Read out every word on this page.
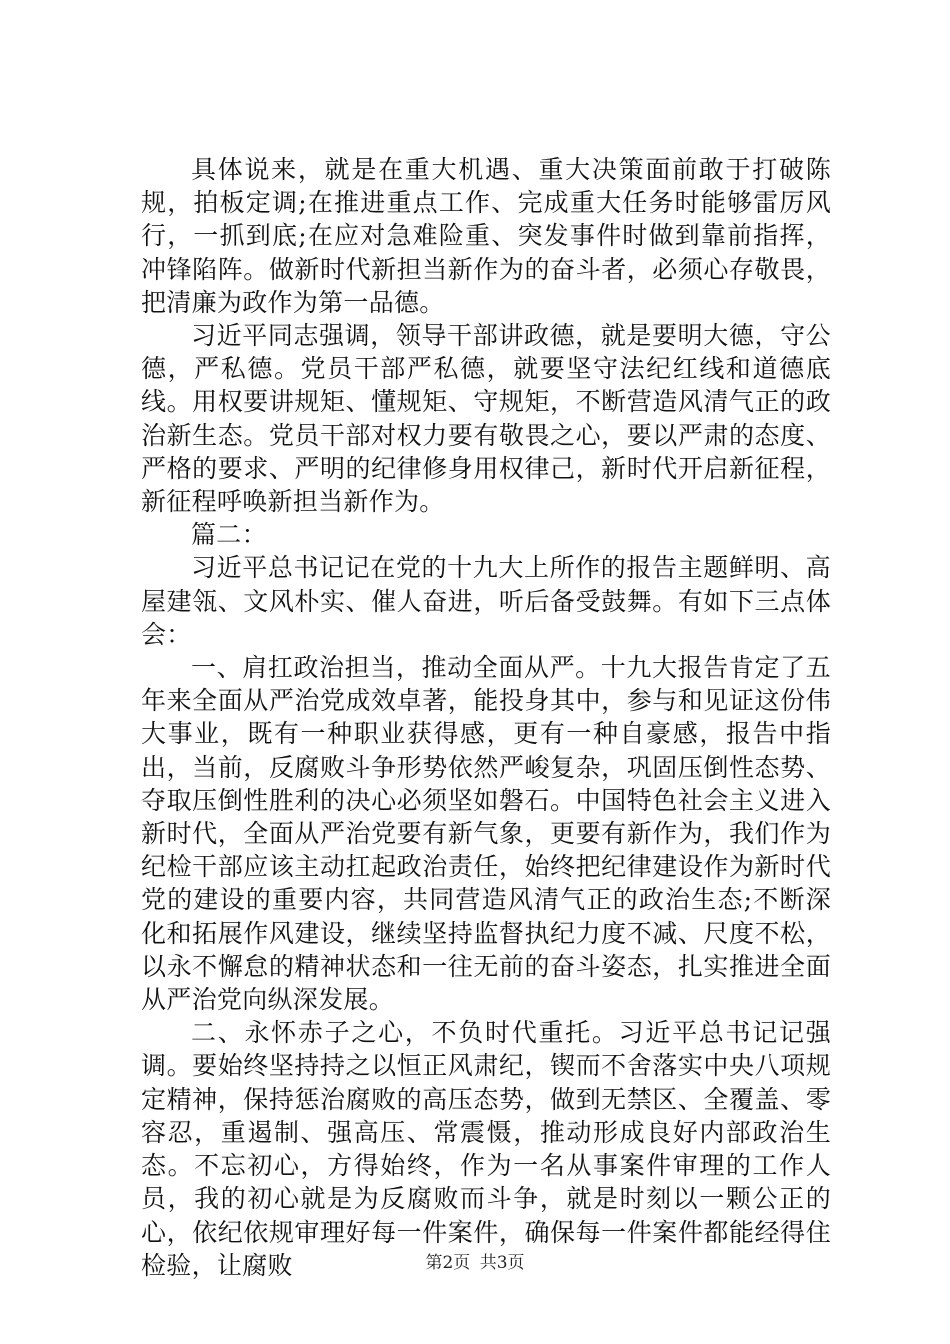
具体说来，就是在重大机遇、重大决策面前敢于打破陈规，拍板定调;在推进重点工作、完成重大任务时能够雷厉风行，一抓到底;在应对急难险重、突发事件时做到靠前指挥，冲锋陷阵。做新时代新担当新作为的奋斗者，必须心存敬畏，把清廉为政作为第一品德。

习近平同志强调，领导干部讲政德，就是要明大德，守公德，严私德。党员干部严私德，就要坚守法纪红线和道德底线。用权要讲规矩、懂规矩、守规矩，不断营造风清气正的政治新生态。党员干部对权力要有敬畏之心，要以严肃的态度、严格的要求、严明的纪律修身用权律己，新时代开启新征程，新征程呼唤新担当新作为。

篇二：

习近平总书记记在党的十九大上所作的报告主题鲜明、高屋建瓴、文风朴实、催人奋进，听后备受鼓舞。有如下三点体会：

一、肩扛政治担当，推动全面从严。十九大报告肯定了五年来全面从严治党成效卓著，能投身其中，参与和见证这份伟大事业，既有一种职业获得感，更有一种自豪感，报告中指出，当前，反腐败斗争形势依然严峻复杂，巩固压倒性态势、夺取压倒性胜利的决心必须坚如磐石。中国特色社会主义进入新时代，全面从严治党要有新气象，更要有新作为，我们作为纪检干部应该主动扛起政治责任，始终把纪律建设作为新时代党的建设的重要内容，共同营造风清气正的政治生态;不断深化和拓展作风建设，继续坚持监督执纪力度不减、尺度不松，以永不懈怠的精神状态和一往无前的奋斗姿态，扎实推进全面从严治党向纵深发展。

二、永怀赤子之心，不负时代重托。习近平总书记记强调。要始终坚持持之以恒正风肃纪，锲而不舍落实中央八项规定精神，保持惩治腐败的高压态势，做到无禁区、全覆盖、零容忍，重遏制、强高压、常震慑，推动形成良好内部政治生态。不忘初心，方得始终，作为一名从事案件审理的工作人员，我的初心就是为反腐败而斗争，就是时刻以一颗公正的心，依纪依规审理好每一件案件，确保每一件案件都能经得住检验，让腐败	第2页 共3页
